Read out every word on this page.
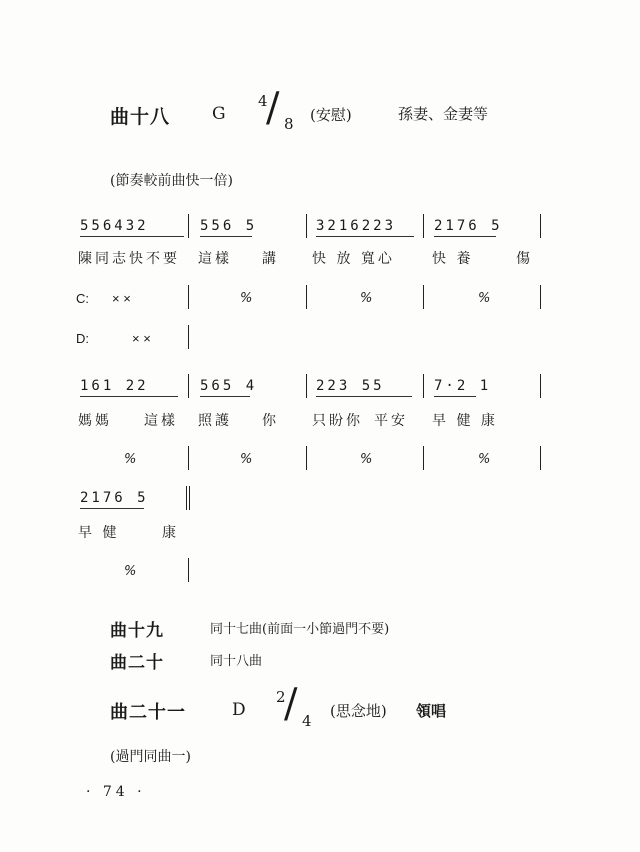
曲十八 G
4
/ 8 (安慰)	孫妻、金妻等
(節奏較前曲快一倍)
556432	556 5	3216223	2176 5
陳同志快不要 這樣 講 快 放 寬心	快 養	傷
C: × ×	%	%	%
D:	× ×
161 22	565 4	223 55	7·2 1
媽媽 這樣 照護 你 只盼你 平安 早 健 康
%	%	%	%
2176 5
早 健	康
%
曲十九	同十七曲(前面一小節過門不要)
曲二十	同十八曲
曲二十一	D
2
/ 4
(思念地) 領唱
(過門同曲一)
· 74 ·
